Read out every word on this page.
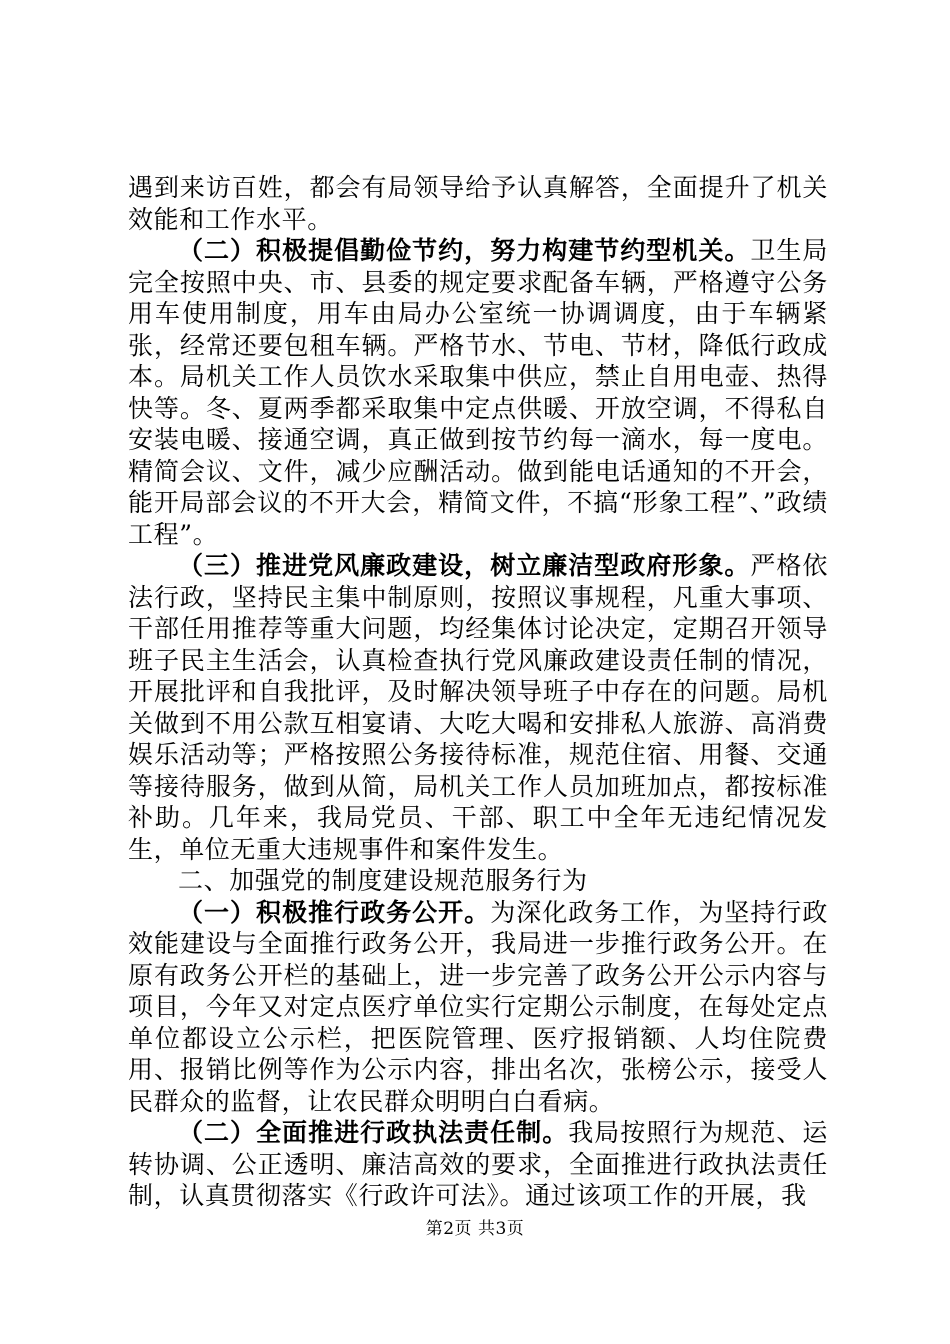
遇到来访百姓，都会有局领导给予认真解答，全面提升了机关效能和工作水平。

（二）积极提倡勤俭节约，努力构建节约型机关。卫生局完全按照中央、市、县委的规定要求配备车辆，严格遵守公务用车使用制度，用车由局办公室统一协调调度，由于车辆紧张，经常还要包租车辆。严格节水、节电、节材，降低行政成本。局机关工作人员饮水采取集中供应，禁止自用电壶、热得快等。冬、夏两季都采取集中定点供暖、开放空调，不得私自安装电暖、接通空调，真正做到按节约每一滴水，每一度电。精简会议、文件，减少应酬活动。做到能电话通知的不开会，能开局部会议的不开大会，精简文件，不搞“形象工程”、”政绩工程”。

（三）推进党风廉政建设，树立廉洁型政府形象。严格依法行政，坚持民主集中制原则，按照议事规程，凡重大事项、干部任用推荐等重大问题，均经集体讨论决定，定期召开领导班子民主生活会，认真检查执行党风廉政建设责任制的情况，开展批评和自我批评，及时解决领导班子中存在的问题。局机关做到不用公款互相宴请、大吃大喝和安排私人旅游、高消费娱乐活动等；严格按照公务接待标准，规范住宿、用餐、交通等接待服务，做到从简，局机关工作人员加班加点，都按标准补助。几年来，我局党员、干部、职工中全年无违纪情况发生，单位无重大违规事件和案件发生。

二、加强党的制度建设规范服务行为

（一）积极推行政务公开。为深化政务工作，为坚持行政效能建设与全面推行政务公开，我局进一步推行政务公开。在原有政务公开栏的基础上，进一步完善了政务公开公示内容与项目，今年又对定点医疗单位实行定期公示制度，在每处定点单位都设立公示栏，把医院管理、医疗报销额、人均住院费用、报销比例等作为公示内容，排出名次，张榜公示，接受人民群众的监督，让农民群众明明白白看病。

（二）全面推进行政执法责任制。我局按照行为规范、运转协调、公正透明、廉洁高效的要求，全面推进行政执法责任制，认真贯彻落实《行政许可法》。通过该项工作的开展，我

第2页 共3页
